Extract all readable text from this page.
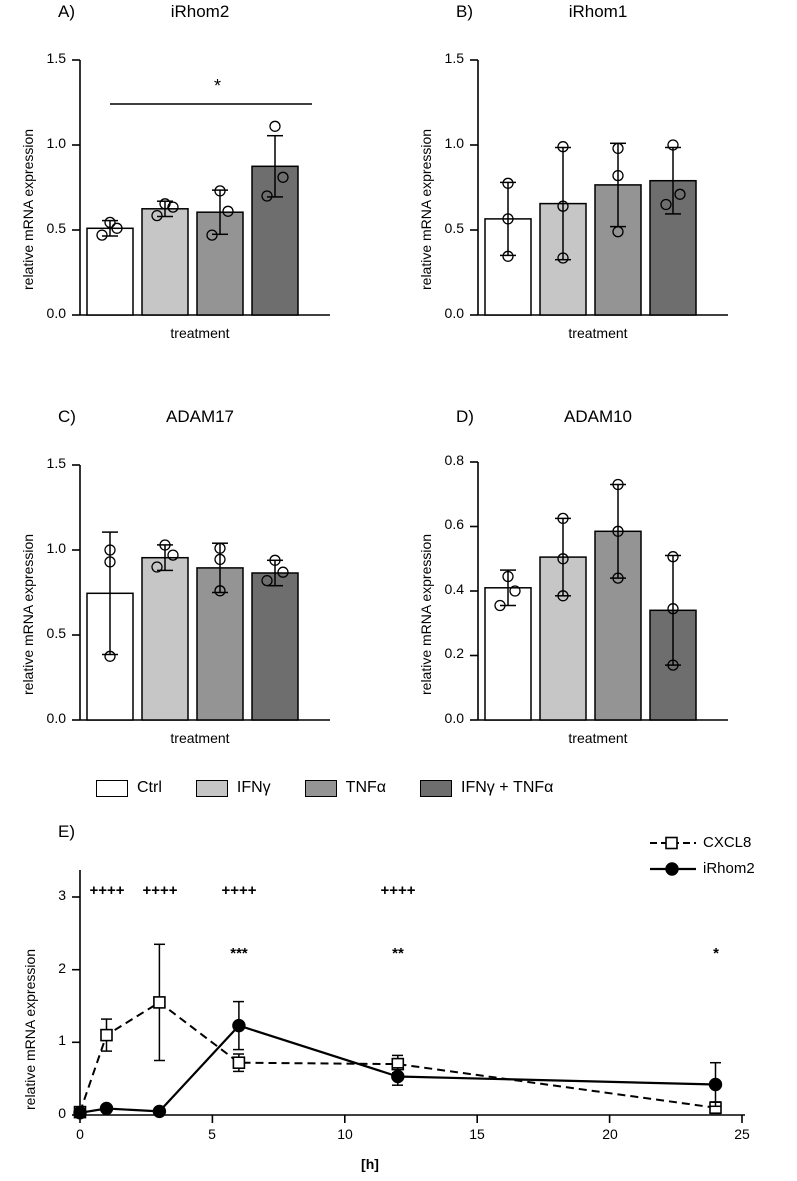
A)	iRhom2
relative mRNA expression
treatment
*
0.0
0.5
1.0
1.5
B)	iRhom1
relative mRNA expression
treatment
0.0
0.5
1.0
1.5
C)	ADAM17
relative mRNA expression
treatment
0.0
0.5
1.0
1.5
D)	ADAM10
relative mRNA expression
treatment
0.0
0.2
0.4
0.6
0.8
Ctrl	IFNγ	TNFα	IFNγ + TNFα
E)
relative mRNA expression
[h]
0
1
2
3
0	5	10	15	20	25
++++	++++	++++	++++
***	**	*
CXCL8
iRhom2
